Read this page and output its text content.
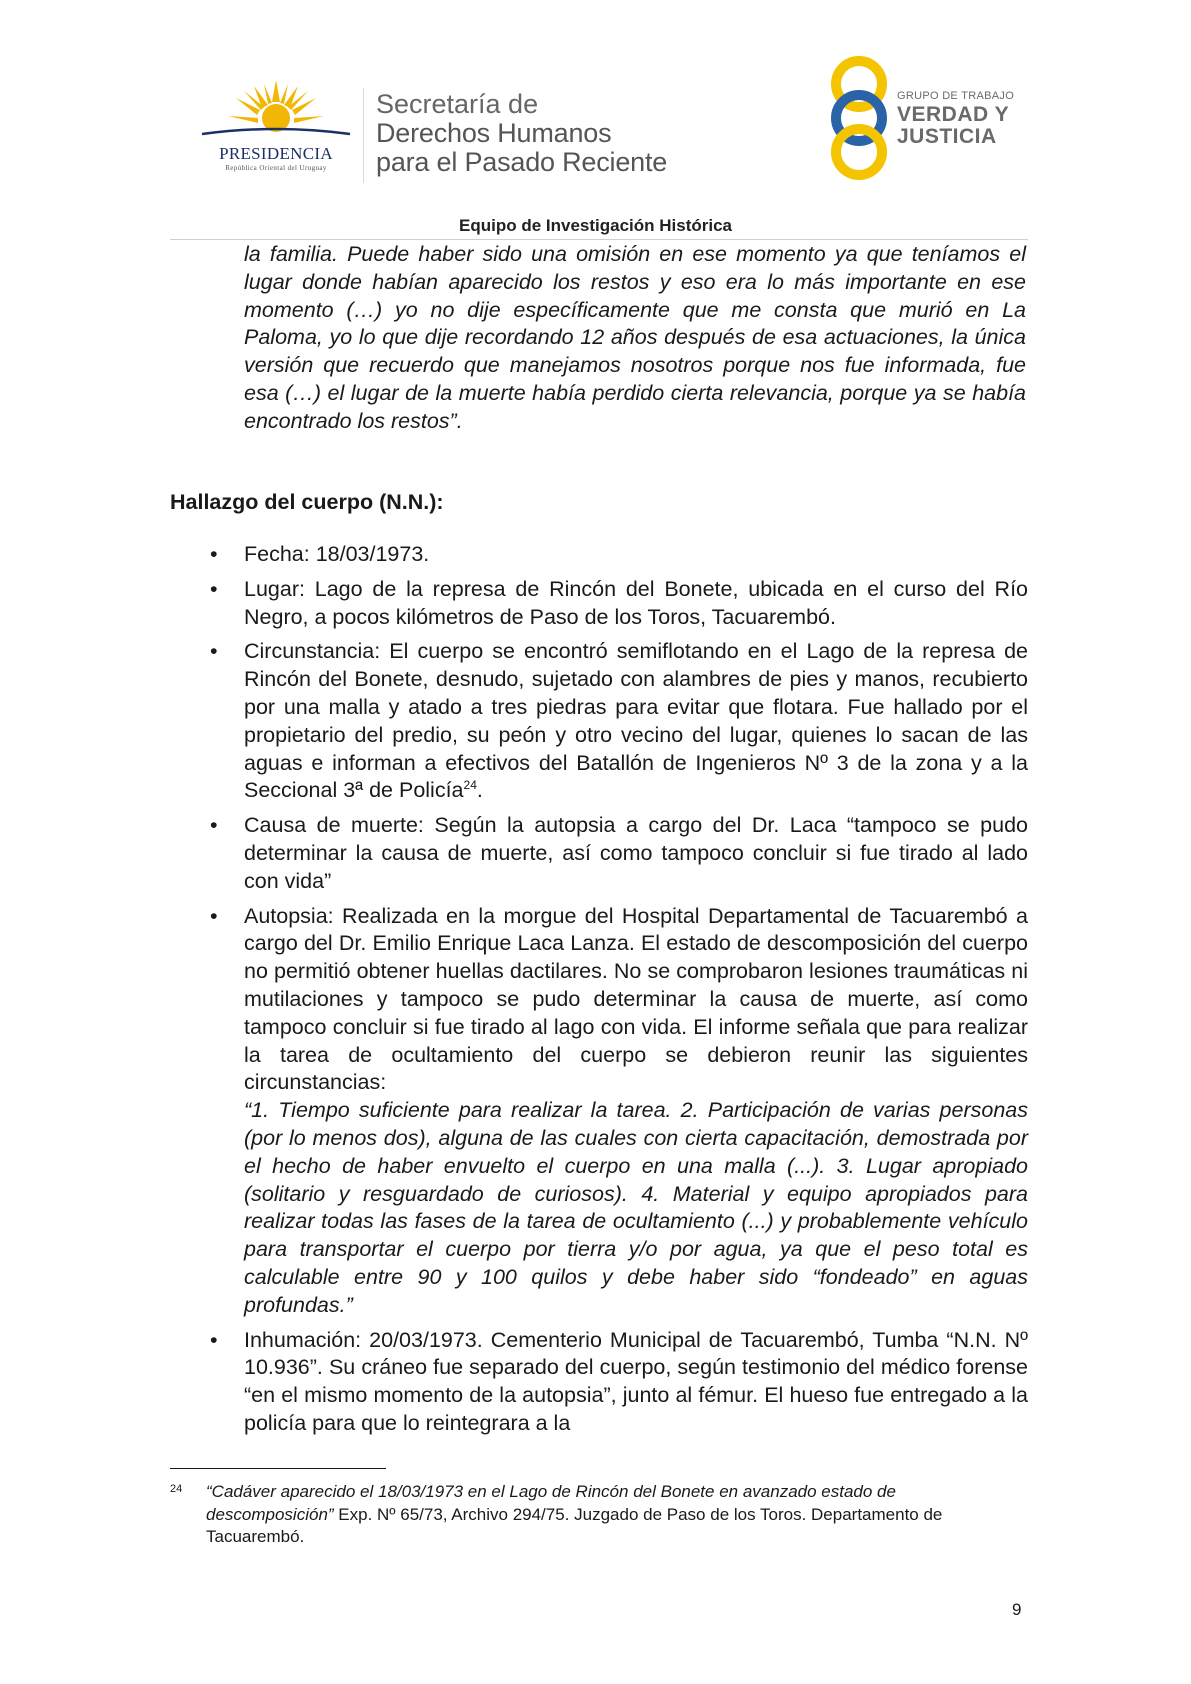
PRESIDENCIA
República Oriental del Uruguay
Secretaría de
Derechos Humanos
para el Pasado Reciente
GRUPO DE TRABAJO
VERDAD Y
JUSTICIA
Equipo de Investigación Histórica
la familia. Puede haber sido una omisión en ese momento ya que teníamos el lugar donde habían aparecido los restos y eso era lo más importante en ese momento (…) yo no dije específicamente que me consta que murió en La Paloma, yo lo que dije recordando 12 años después de esa actuaciones, la única versión que recuerdo que manejamos nosotros porque nos fue informada, fue esa (…) el lugar de la muerte había perdido cierta relevancia, porque ya se había encontrado los restos”.
Hallazgo del cuerpo (N.N.):
• Fecha: 18/03/1973.
• Lugar: Lago de la represa de Rincón del Bonete, ubicada en el curso del Río Negro, a pocos kilómetros de Paso de los Toros, Tacuarembó.
• Circunstancia: El cuerpo se encontró semiflotando en el Lago de la represa de Rincón del Bonete, desnudo, sujetado con alambres de pies y manos, recubierto por una malla y atado a tres piedras para evitar que flotara. Fue hallado por el propietario del predio, su peón y otro vecino del lugar, quienes lo sacan de las aguas e informan a efectivos del Batallón de Ingenieros Nº 3 de la zona y a la Seccional 3ª de Policía$^{24}$.
• Causa de muerte: Según la autopsia a cargo del Dr. Laca “tampoco se pudo determinar la causa de muerte, así como tampoco concluir si fue tirado al lado con vida”
• Autopsia: Realizada en la morgue del Hospital Departamental de Tacuarembó a cargo del Dr. Emilio Enrique Laca Lanza. El estado de descomposición del cuerpo no permitió obtener huellas dactilares. No se comprobaron lesiones traumáticas ni mutilaciones y tampoco se pudo determinar la causa de muerte, así como tampoco concluir si fue tirado al lago con vida. El informe señala que para realizar la tarea de ocultamiento del cuerpo se debieron reunir las siguientes circunstancias:
“1. Tiempo suficiente para realizar la tarea. 2. Participación de varias personas (por lo menos dos), alguna de las cuales con cierta capacitación, demostrada por el hecho de haber envuelto el cuerpo en una malla (...). 3. Lugar apropiado (solitario y resguardado de curiosos). 4. Material y equipo apropiados para realizar todas las fases de la tarea de ocultamiento (...) y probablemente vehículo para transportar el cuerpo por tierra y/o por agua, ya que el peso total es calculable entre 90 y 100 quilos y debe haber sido “fondeado” en aguas profundas.”
• Inhumación: 20/03/1973. Cementerio Municipal de Tacuarembó, Tumba “N.N. Nº 10.936”. Su cráneo fue separado del cuerpo, según testimonio del médico forense “en el mismo momento de la autopsia”, junto al fémur. El hueso fue entregado a la policía para que lo reintegrara a la
24 “Cadáver aparecido el 18/03/1973 en el Lago de Rincón del Bonete en avanzado estado de descomposición” Exp. Nº 65/73, Archivo 294/75. Juzgado de Paso de los Toros. Departamento de Tacuarembó.
9
